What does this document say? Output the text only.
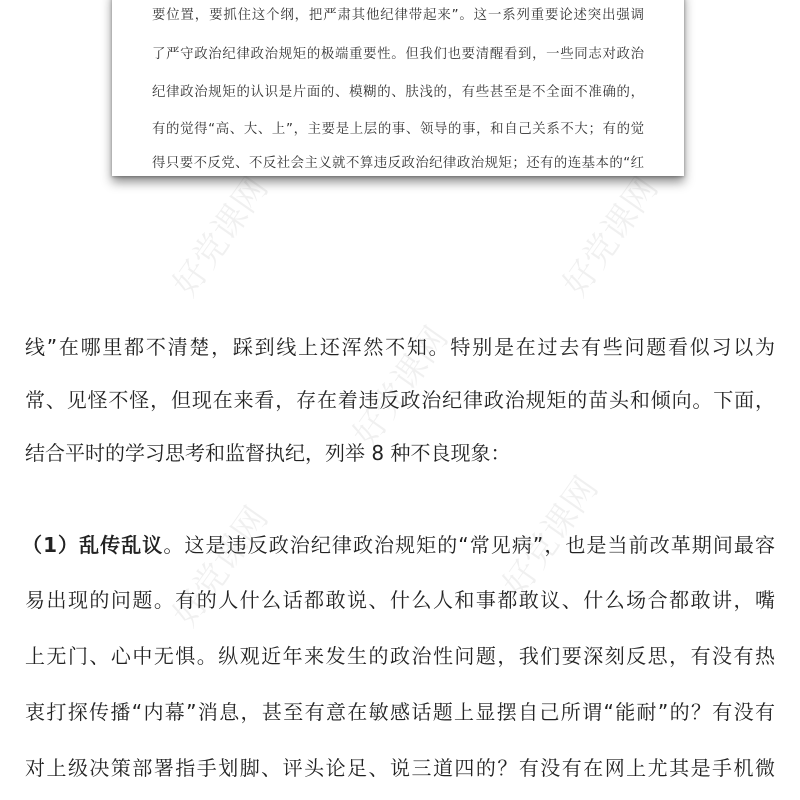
好党课网	好党课网
好党课网
好党课网	好党课网
要位置，要抓住这个纲，把严肃其他纪律带起来”。这一系列重要论述突出强调
了严守政治纪律政治规矩的极端重要性。但我们也要清醒看到，一些同志对政治
纪律政治规矩的认识是片面的、模糊的、肤浅的，有些甚至是不全面不准确的，
有的觉得“高、大、上”，主要是上层的事、领导的事，和自己关系不大；有的觉
得只要不反党、不反社会主义就不算违反政治纪律政治规矩；还有的连基本的“红
线”在哪里都不清楚，踩到线上还浑然不知。特别是在过去有些问题看似习以为
常、见怪不怪，但现在来看，存在着违反政治纪律政治规矩的苗头和倾向。下面，
结合平时的学习思考和监督执纪，列举 8 种不良现象：
（1）乱传乱议。这是违反政治纪律政治规矩的“常见病”，也是当前改革期间最容
易出现的问题。有的人什么话都敢说、什么人和事都敢议、什么场合都敢讲，嘴
上无门、心中无惧。纵观近年来发生的政治性问题，我们要深刻反思，有没有热
衷打探传播“内幕”消息，甚至有意在敏感话题上显摆自己所谓“能耐”的？有没有
对上级决策部署指手划脚、评头论足、说三道四的？有没有在网上尤其是手机微
